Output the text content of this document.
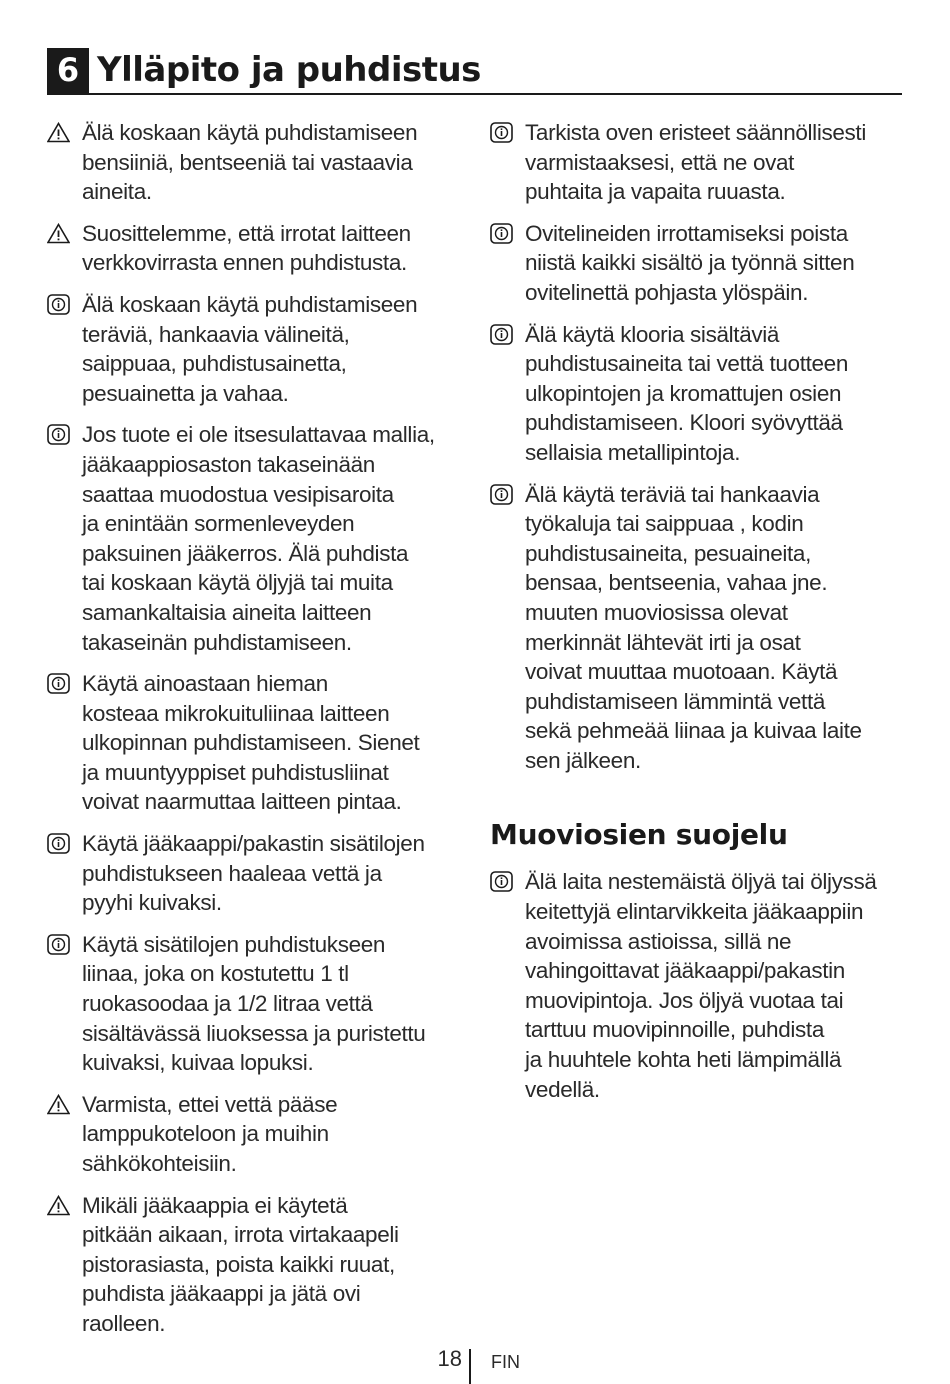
6 Ylläpito ja puhdistus
Älä koskaan käytä puhdistamiseen
bensiiniä, bentseeniä tai vastaavia
aineita.
Suosittelemme, että irrotat laitteen
verkkovirrasta ennen puhdistusta.
Älä koskaan käytä puhdistamiseen
teräviä, hankaavia välineitä,
saippuaa, puhdistusainetta,
pesuainetta ja vahaa.
Jos tuote ei ole itsesulattavaa mallia,
jääkaappiosaston takaseinään
saattaa muodostua vesipisaroita
ja enintään sormenleveyden
paksuinen jääkerros. Älä puhdista
tai koskaan käytä öljyjä tai muita
samankaltaisia aineita laitteen
takaseinän puhdistamiseen.
Käytä ainoastaan hieman
kosteaa mikrokuituliinaa laitteen
ulkopinnan puhdistamiseen. Sienet
ja muuntyyppiset puhdistusliinat
voivat naarmuttaa laitteen pintaa.
Käytä jääkaappi/pakastin sisätilojen
puhdistukseen haaleaa vettä ja
pyyhi kuivaksi.
Käytä sisätilojen puhdistukseen
liinaa, joka on kostutettu 1 tl
ruokasoodaa ja 1/2 litraa vettä
sisältävässä liuoksessa ja puristettu
kuivaksi, kuivaa lopuksi.
Varmista, ettei vettä pääse
lamppukoteloon ja muihin
sähkökohteisiin.
Mikäli jääkaappia ei käytetä
pitkään aikaan, irrota virtakaapeli
pistorasiasta, poista kaikki ruuat,
puhdista jääkaappi ja jätä ovi
raolleen.
Tarkista oven eristeet säännöllisesti
varmistaaksesi, että ne ovat
puhtaita ja vapaita ruuasta.
Ovitelineiden irrottamiseksi poista
niistä kaikki sisältö ja työnnä sitten
ovitelinettä pohjasta ylöspäin.
Älä käytä klooria sisältäviä
puhdistusaineita tai vettä tuotteen
ulkopintojen ja kromattujen osien
puhdistamiseen. Kloori syövyttää
sellaisia metallipintoja.
Älä käytä teräviä tai hankaavia
työkaluja tai saippuaa , kodin
puhdistusaineita, pesuaineita,
bensaa, bentseenia, vahaa jne.
muuten muoviosissa olevat
merkinnät lähtevät irti ja osat
voivat muuttaa muotoaan. Käytä
puhdistamiseen lämmintä vettä
sekä pehmeää liinaa ja kuivaa laite
sen jälkeen.
Muoviosien suojelu
Älä laita nestemäistä öljyä tai öljyssä
keitettyjä elintarvikkeita jääkaappiin
avoimissa astioissa, sillä ne
vahingoittavat jääkaappi/pakastin
muovipintoja. Jos öljyä vuotaa tai
tarttuu muovipinnoille, puhdista
ja huuhtele kohta heti lämpimällä
vedellä.
18 FIN
